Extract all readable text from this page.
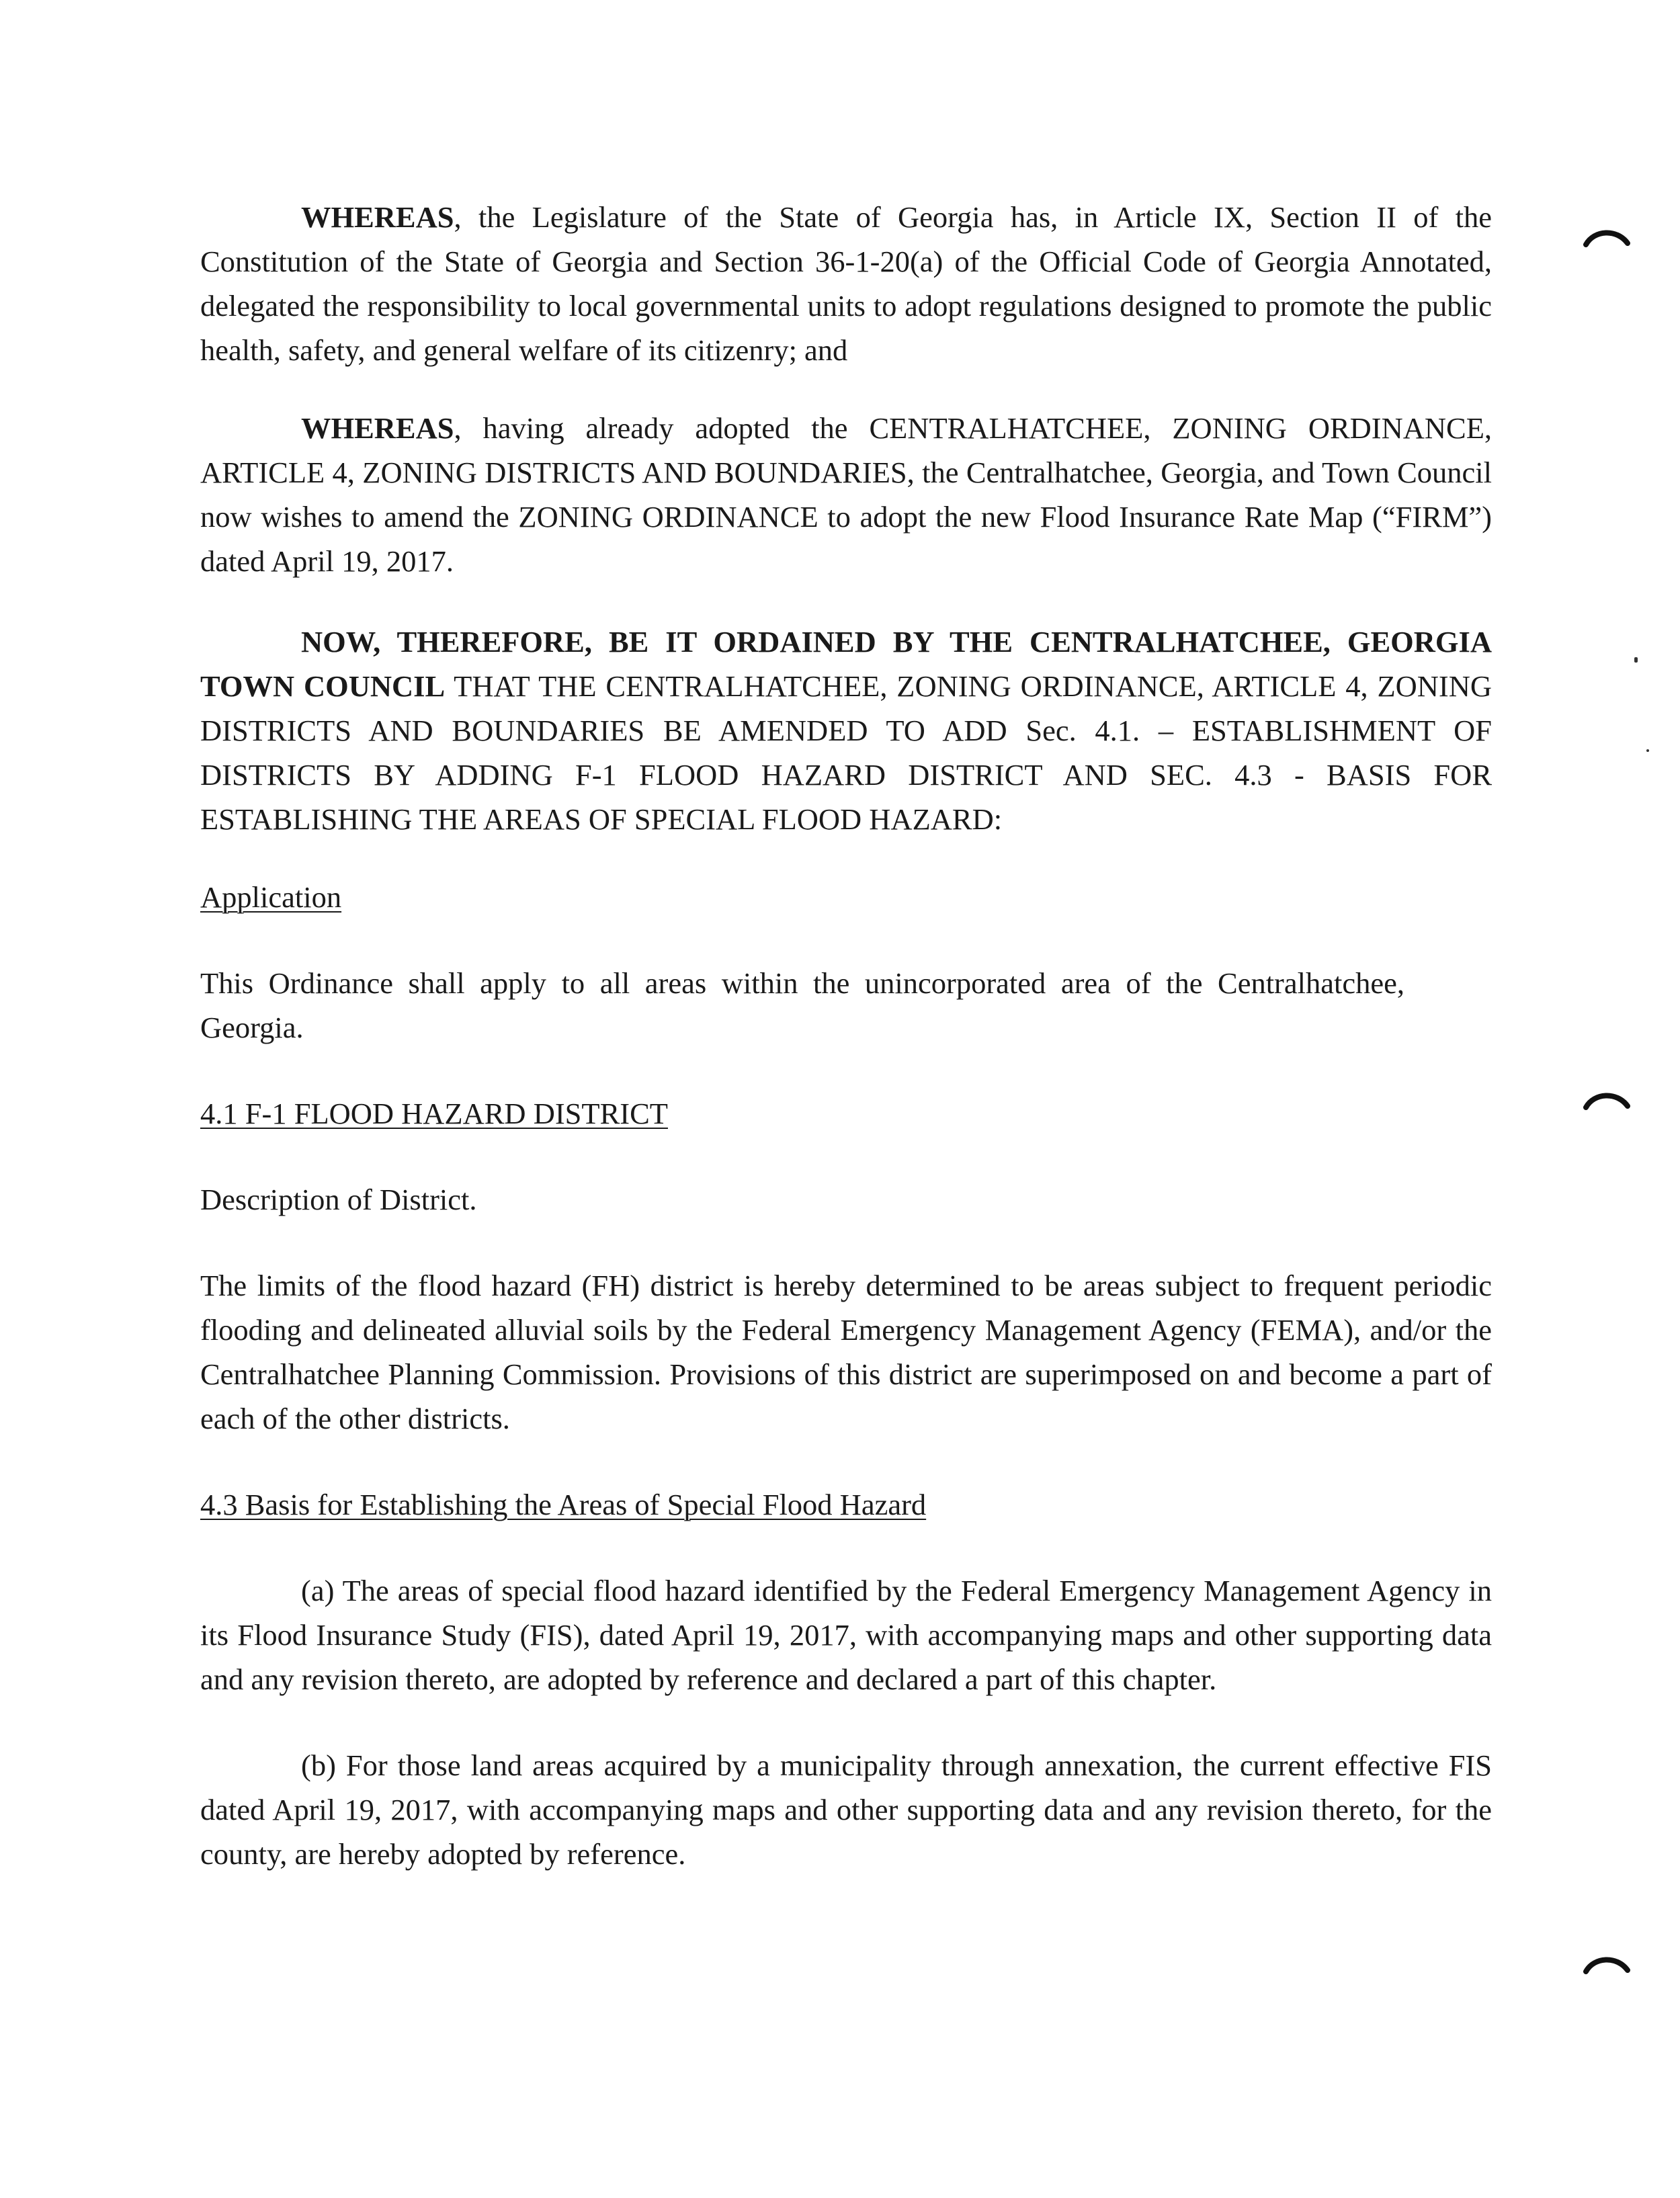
WHEREAS, the Legislature of the State of Georgia has, in Article IX, Section II of the Constitution of the State of Georgia and Section 36-1-20(a) of the Official Code of Georgia Annotated, delegated the responsibility to local governmental units to adopt regulations designed to promote the public health, safety, and general welfare of its citizenry; and

WHEREAS, having already adopted the CENTRALHATCHEE, ZONING ORDINANCE, ARTICLE 4, ZONING DISTRICTS AND BOUNDARIES, the Centralhatchee, Georgia, and Town Council now wishes to amend the ZONING ORDINANCE to adopt the new Flood Insurance Rate Map (“FIRM”) dated April 19, 2017.

NOW, THEREFORE, BE IT ORDAINED BY THE CENTRALHATCHEE, GEORGIA TOWN COUNCIL THAT THE CENTRALHATCHEE, ZONING ORDINANCE, ARTICLE 4, ZONING DISTRICTS AND BOUNDARIES BE AMENDED TO ADD Sec. 4.1. – ESTABLISHMENT OF DISTRICTS BY ADDING F-1 FLOOD HAZARD DISTRICT AND SEC. 4.3 - BASIS FOR ESTABLISHING THE AREAS OF SPECIAL FLOOD HAZARD:

Application

This Ordinance shall apply to all areas within the unincorporated area of the Centralhatchee, Georgia.

4.1 F-1 FLOOD HAZARD DISTRICT

Description of District.

The limits of the flood hazard (FH) district is hereby determined to be areas subject to frequent periodic flooding and delineated alluvial soils by the Federal Emergency Management Agency (FEMA), and/or the Centralhatchee Planning Commission. Provisions of this district are superimposed on and become a part of each of the other districts.

4.3 Basis for Establishing the Areas of Special Flood Hazard

(a) The areas of special flood hazard identified by the Federal Emergency Management Agency in its Flood Insurance Study (FIS), dated April 19, 2017, with accompanying maps and other supporting data and any revision thereto, are adopted by reference and declared a part of this chapter.

(b) For those land areas acquired by a municipality through annexation, the current effective FIS dated April 19, 2017, with accompanying maps and other supporting data and any revision thereto, for the county, are hereby adopted by reference.
